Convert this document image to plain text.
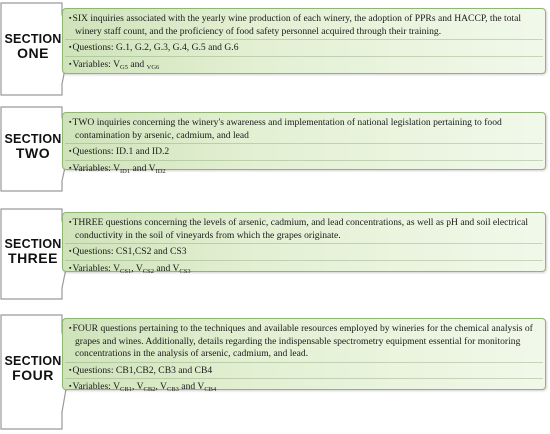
SECTION
ONE
▪SIX inquiries associated with the yearly wine production of each winery, the adoption of PPRs and HACCP, the total winery staff count, and the proficiency of food safety personnel acquired through their training.
▪Questions: G.1, G.2, G.3, G.4, G.5 and G.6
▪Variables: $V_{G5}$ and $_{VG6}$
SECTION
TWO
▪TWO inquiries concerning the winery's awareness and implementation of national legislation pertaining to food contamination by arsenic, cadmium, and lead
▪Questions: ID.1 and ID.2
▪Variables: $V_{ID1}$ and $V_{ID2}$
SECTION
THREE
▪THREE questions concerning the levels of arsenic, cadmium, and lead concentrations, as well as pH and soil electrical conductivity in the soil of vineyards from which the grapes originate.
▪Questions: CS1,CS2 and CS3
▪Variables: $V_{CS1}$, $V_{CS2}$ and $V_{CS3}$
SECTION
FOUR
▪FOUR questions pertaining to the techniques and available resources employed by wineries for the chemical analysis of grapes and wines. Additionally, details regarding the indispensable spectrometry equipment essential for monitoring concentrations in the analysis of arsenic, cadmium, and lead.
▪Questions: CB1,CB2, CB3 and CB4
▪Variables: $V_{CB1}$, $V_{CB2}$, $V_{CB3}$ and $V_{CB4}$
